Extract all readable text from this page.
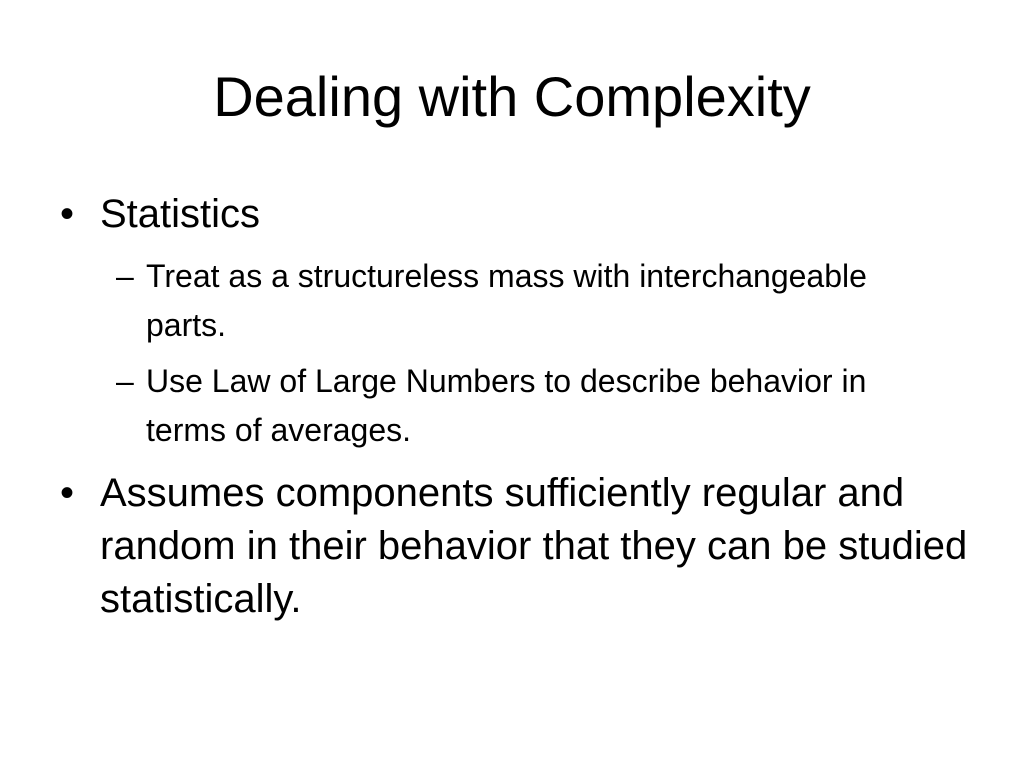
Dealing with Complexity
• Statistics
– Treat as a structureless mass with interchangeable parts.
– Use Law of Large Numbers to describe behavior in terms of averages.
• Assumes components sufficiently regular and random in their behavior that they can be studied statistically.
